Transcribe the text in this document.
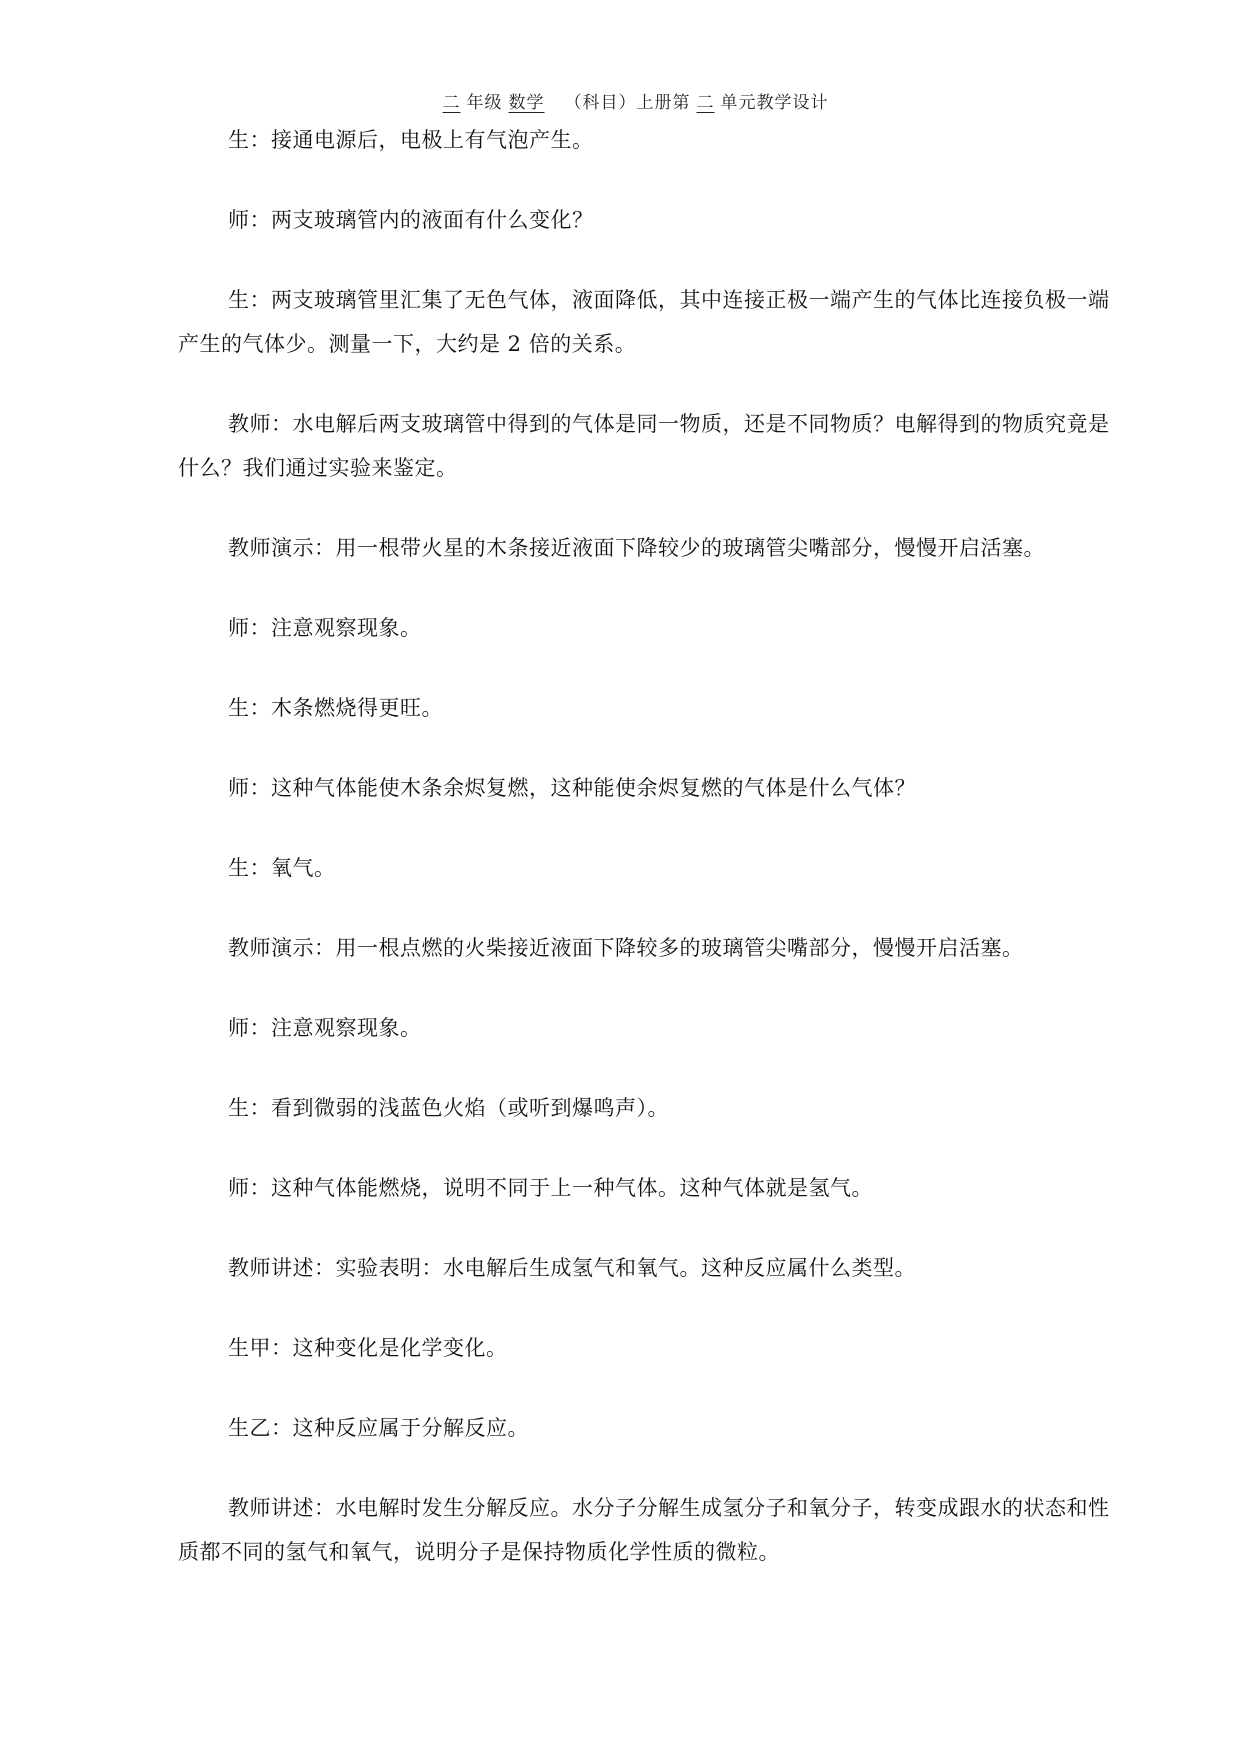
二 年级 数学 （科目）上册第 二 单元教学设计

生：接通电源后，电极上有气泡产生。

师：两支玻璃管内的液面有什么变化？

生：两支玻璃管里汇集了无色气体，液面降低，其中连接正极一端产生的气体比连接负极一端产生的气体少。测量一下，大约是 2 倍的关系。

教师：水电解后两支玻璃管中得到的气体是同一物质，还是不同物质？电解得到的物质究竟是什么？我们通过实验来鉴定。

教师演示：用一根带火星的木条接近液面下降较少的玻璃管尖嘴部分，慢慢开启活塞。

师：注意观察现象。

生：木条燃烧得更旺。

师：这种气体能使木条余烬复燃，这种能使余烬复燃的气体是什么气体？

生：氧气。

教师演示：用一根点燃的火柴接近液面下降较多的玻璃管尖嘴部分，慢慢开启活塞。

师：注意观察现象。

生：看到微弱的浅蓝色火焰（或听到爆鸣声）。

师：这种气体能燃烧，说明不同于上一种气体。这种气体就是氢气。

教师讲述：实验表明：水电解后生成氢气和氧气。这种反应属什么类型。

生甲：这种变化是化学变化。

生乙：这种反应属于分解反应。

教师讲述：水电解时发生分解反应。水分子分解生成氢分子和氧分子，转变成跟水的状态和性质都不同的氢气和氧气，说明分子是保持物质化学性质的微粒。
